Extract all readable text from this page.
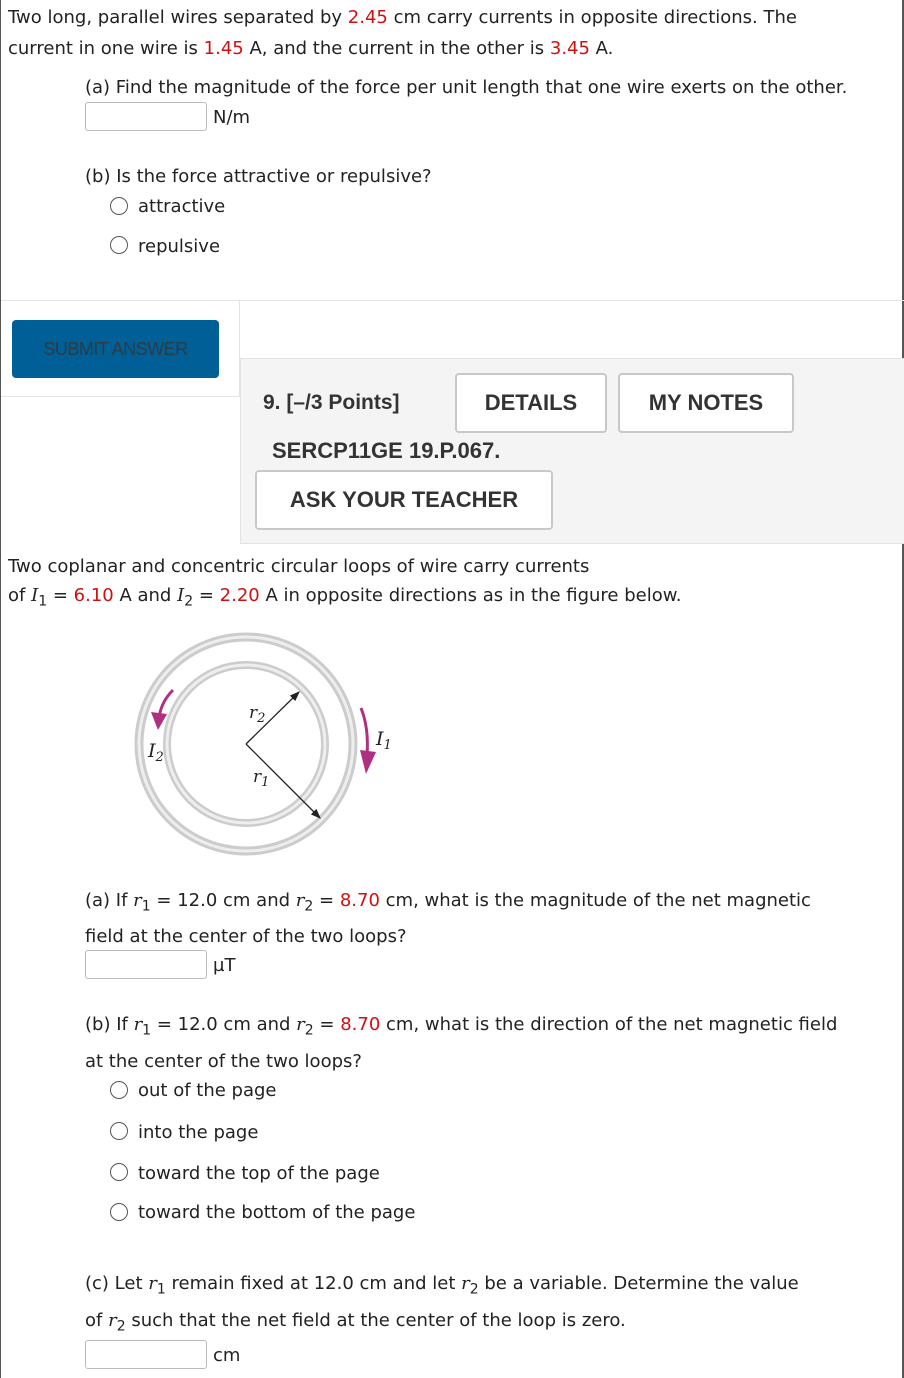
Two long, parallel wires separated by 2.45 cm carry currents in opposite directions. The
current in one wire is 1.45 A, and the current in the other is 3.45 A.
(a) Find the magnitude of the force per unit length that one wire exerts on the other.
N/m
(b) Is the force attractive or repulsive?
attractive
repulsive
SUBMIT ANSWER
9. [–/3 Points]	DETAILS	MY NOTES
SERCP11GE 19.P.067.
ASK YOUR TEACHER
Two coplanar and concentric circular loops of wire carry currents
of $I_1 = 6.10$ A and $I_2 = 2.20$ A in opposite directions as in the figure below.
$r_2$
$r_1$
$I_1$
$I_2$
(a) If $r_1 = 12.0$ cm and $r_2 = 8.70$ cm, what is the magnitude of the net magnetic
field at the center of the two loops?
µT
(b) If $r_1 = 12.0$ cm and $r_2 = 8.70$ cm, what is the direction of the net magnetic field
at the center of the two loops?
out of the page
into the page
toward the top of the page
toward the bottom of the page
(c) Let $r_1$ remain fixed at 12.0 cm and let $r_2$ be a variable. Determine the value
of $r_2$ such that the net field at the center of the loop is zero.
cm
